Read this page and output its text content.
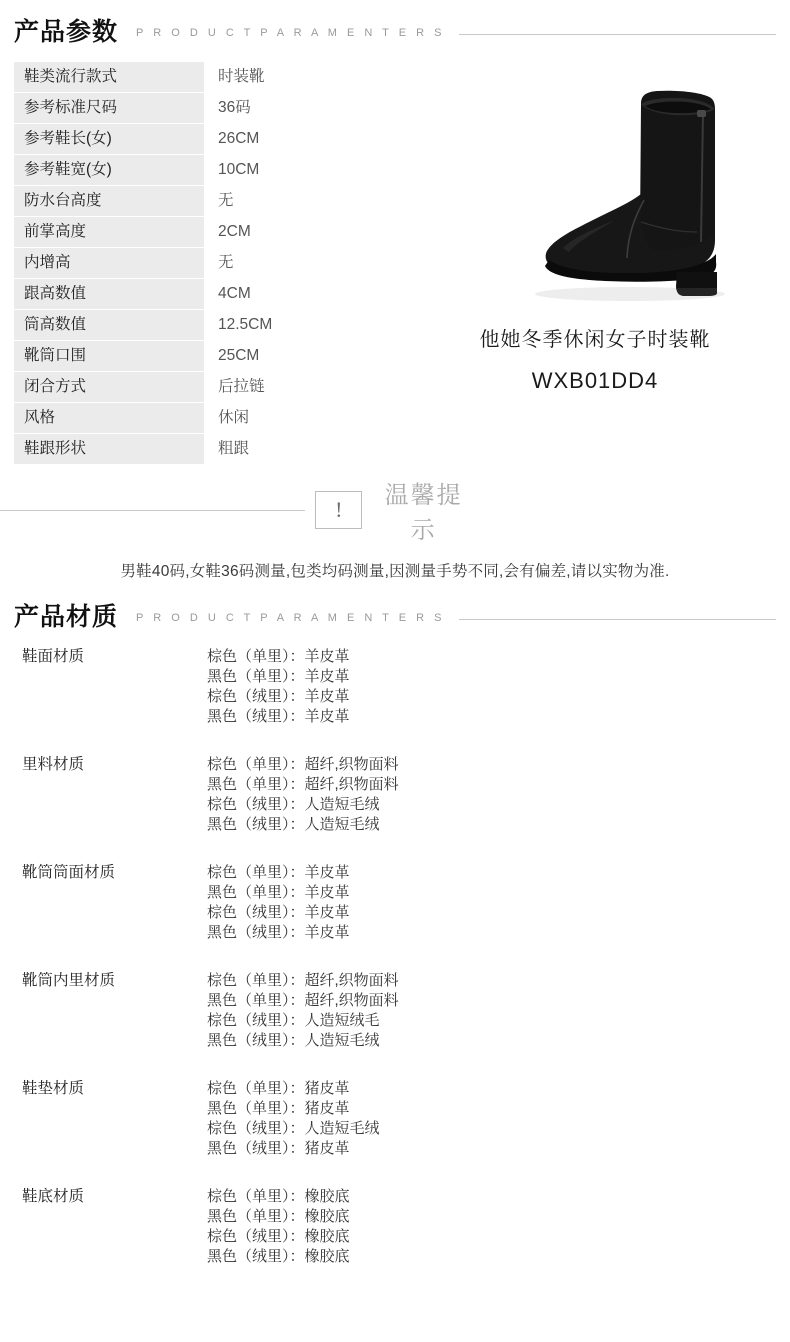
产品参数 P R O D U C T P A R A M E N T E R S
鞋类流行款式	时装靴
参考标准尺码	36码
参考鞋长(女)	26CM
参考鞋宽(女)	10CM
防水台高度	无
前掌高度	2CM
内增高	无
跟高数值	4CM
筒高数值	12.5CM
靴筒口围	25CM
闭合方式	后拉链
风格	休闲
鞋跟形状	粗跟
他她冬季休闲女子时装靴
WXB01DD4
!
温馨提示
男鞋40码,女鞋36码测量,包类均码测量,因测量手势不同,会有偏差,请以实物为准.
产品材质 P R O D U C T P A R A M E N T E R S
鞋面材质	棕色（单里）：羊皮革
黑色（单里）：羊皮革
棕色（绒里）：羊皮革
黑色（绒里）：羊皮革

里料材质	棕色（单里）：超纤,织物面料
黑色（单里）：超纤,织物面料
棕色（绒里）：人造短毛绒
黑色（绒里）：人造短毛绒

靴筒筒面材质	棕色（单里）：羊皮革
黑色（单里）：羊皮革
棕色（绒里）：羊皮革
黑色（绒里）：羊皮革

靴筒内里材质	棕色（单里）：超纤,织物面料
黑色（单里）：超纤,织物面料
棕色（绒里）：人造短绒毛
黑色（绒里）：人造短毛绒

鞋垫材质	棕色（单里）：猪皮革
黑色（单里）：猪皮革
棕色（绒里）：人造短毛绒
黑色（绒里）：猪皮革

鞋底材质	棕色（单里）：橡胶底
黑色（单里）：橡胶底
棕色（绒里）：橡胶底
黑色（绒里）：橡胶底
